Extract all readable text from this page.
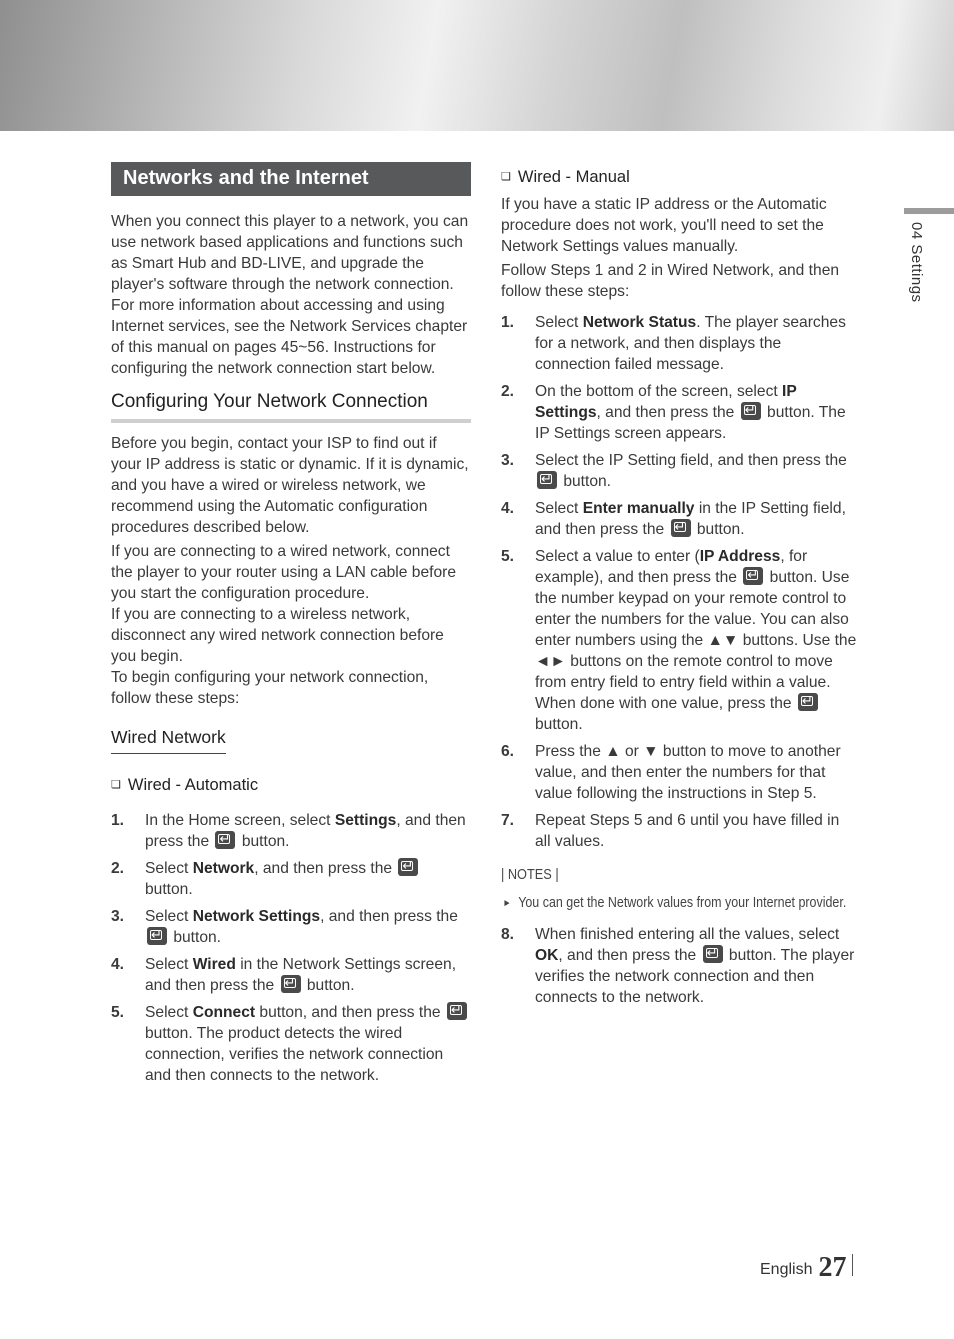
04 Settings
Networks and the Internet

When you connect this player to a network, you can use network based applications and functions such as Smart Hub and BD-LIVE, and upgrade the player's software through the network connection. For more information about accessing and using Internet services, see the Network Services chapter of this manual on pages 45~56. Instructions for configuring the network connection start below.

Configuring Your Network Connection

Before you begin, contact your ISP to find out if your IP address is static or dynamic. If it is dynamic, and you have a wired or wireless network, we recommend using the Automatic configuration procedures described below.

If you are connecting to a wired network, connect the player to your router using a LAN cable before you start the configuration procedure.

If you are connecting to a wireless network, disconnect any wired network connection before you begin.

To begin configuring your network connection, follow these steps:

Wired Network
❏ Wired - Automatic
1. In the Home screen, select Settings, and then press the ↵ button.
2. Select Network, and then press the ↵ button.
3. Select Network Settings, and then press the ↵ button.
4. Select Wired in the Network Settings screen, and then press the ↵ button.
5. Select Connect button, and then press the ↵ button. The product detects the wired connection, verifies the network connection and then connects to the network.
❏ Wired - Manual

If you have a static IP address or the Automatic procedure does not work, you'll need to set the Network Settings values manually.

Follow Steps 1 and 2 in Wired Network, and then follow these steps:

1. Select Network Status. The player searches for a network, and then displays the connection failed message.
2. On the bottom of the screen, select IP Settings, and then press the ↵ button. The IP Settings screen appears.
3. Select the IP Setting field, and then press the ↵ button.
4. Select Enter manually in the IP Setting field, and then press the ↵ button.
5. Select a value to enter (IP Address, for example), and then press the ↵ button. Use the number keypad on your remote control to enter the numbers for the value. You can also enter numbers using the ▲▼ buttons. Use the ◄► buttons on the remote control to move from entry field to entry field within a value. When done with one value, press the ↵ button.
6. Press the ▲ or ▼ button to move to another value, and then enter the numbers for that value following the instructions in Step 5.
7. Repeat Steps 5 and 6 until you have filled in all values.
| NOTES |
► You can get the Network values from your Internet provider.
8. When finished entering all the values, select OK, and then press the ↵ button. The player verifies the network connection and then connects to the network.
English 27
